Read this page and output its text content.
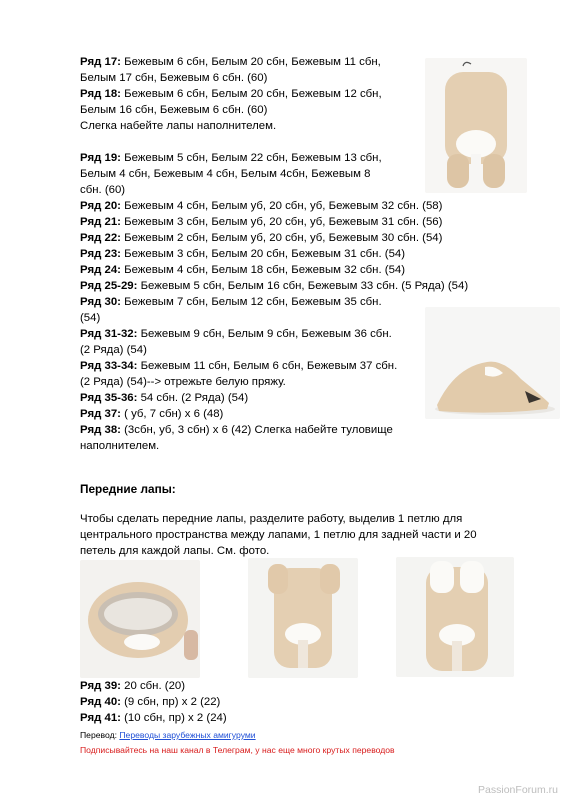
Ряд 17: Бежевым 6 сбн, Белым 20 сбн, Бежевым 11 сбн,
Белым 17 сбн, Бежевым 6 сбн. (60)
Ряд 18: Бежевым 6 сбн, Белым 20 сбн, Бежевым 12 сбн,
Белым 16 сбн, Бежевым 6 сбн. (60)
Слегка набейте лапы наполнителем.
Ряд 19: Бежевым 5 сбн, Белым 22 сбн, Бежевым 13 сбн,
Белым 4 сбн, Бежевым 4 сбн, Белым 4сбн, Бежевым 8
сбн. (60)
Ряд 20: Бежевым 4 сбн, Белым уб, 20 сбн, уб, Бежевым 32 сбн. (58)
Ряд 21: Бежевым 3 сбн, Белым уб, 20 сбн, уб, Бежевым 31 сбн. (56)
Ряд 22: Бежевым 2 сбн, Белым уб, 20 сбн, уб, Бежевым 30 сбн. (54)
Ряд 23: Бежевым 3 сбн, Белым 20 сбн, Бежевым 31 сбн. (54)
Ряд 24: Бежевым 4 сбн, Белым 18 сбн, Бежевым 32 сбн. (54)
Ряд 25-29: Бежевым 5 сбн, Белым 16 сбн, Бежевым 33 сбн. (5 Ряда) (54)
Ряд 30: Бежевым 7 сбн, Белым 12 сбн, Бежевым 35 сбн.
(54)
Ряд 31-32: Бежевым 9 сбн, Белым 9 сбн, Бежевым 36 сбн.
(2 Ряда) (54)
Ряд 33-34: Бежевым 11 сбн, Белым 6 сбн, Бежевым 37 сбн.
(2 Ряда) (54)--> отрежьте белую пряжу.
Ряд 35-36: 54 сбн. (2 Ряда) (54)
Ряд 37: ( уб, 7 сбн) х 6 (48)
Ряд 38: (3сбн, уб, 3 сбн) х 6 (42) Слегка набейте туловище
наполнителем.
Передние лапы:
Чтобы сделать передние лапы, разделите работу, выделив 1 петлю для
центрального пространства между лапами, 1 петлю для задней части и 20
петель для каждой лапы. См. фото.
Ряд 39: 20 сбн. (20)
Ряд 40: (9 сбн, пр) х 2 (22)
Ряд 41: (10 сбн, пр) х 2 (24)
Перевод: Переводы зарубежных амигуруми
Подписывайтесь на наш канал в Телеграм, у нас еще много крутых переводов
PassionForum.ru
